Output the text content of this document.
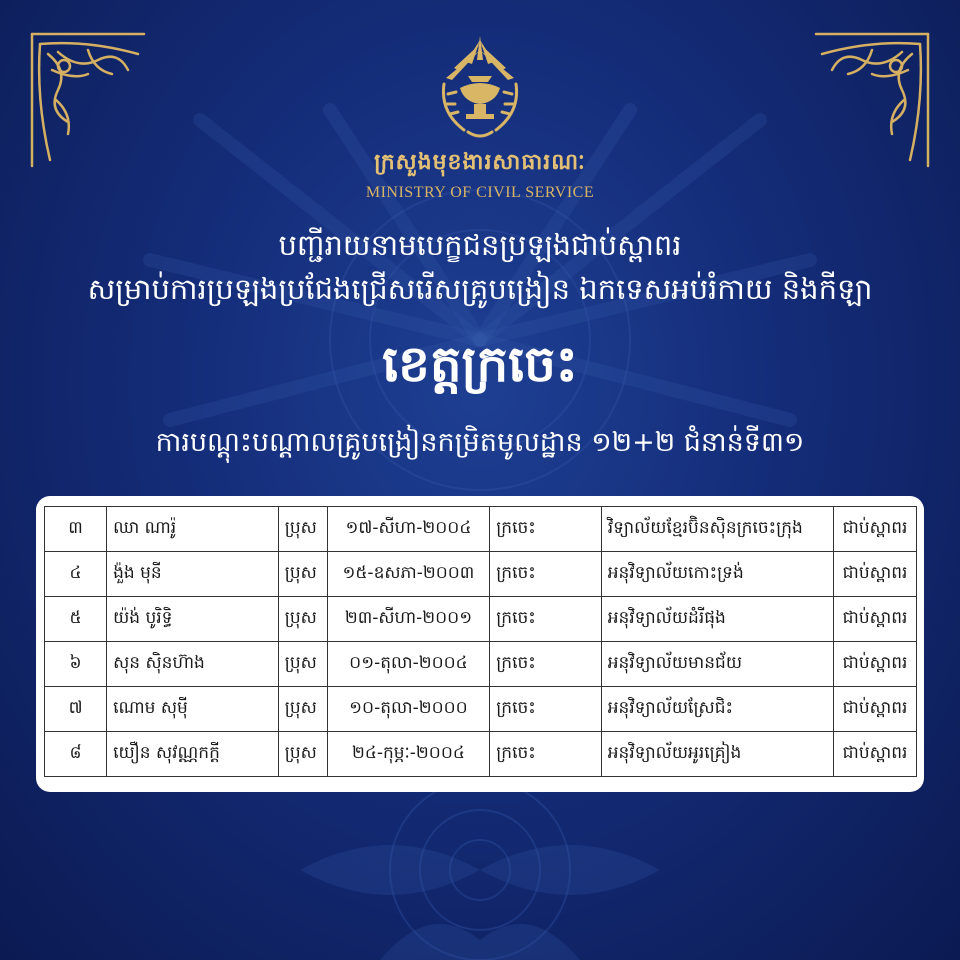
ក្រសួងមុខងារសាធារណៈ
MINISTRY OF CIVIL SERVICE
បញ្ជីរាយនាមបេក្ខជនប្រឡងជាប់ស្ពាពរ
សម្រាប់ការប្រឡងប្រជែងជ្រើសរើសគ្រូបង្រៀន ឯកទេសអប់រំកាយ និងកីឡា
ខេត្តក្រចេះ
ការបណ្ដុះបណ្ដាលគ្រូបង្រៀនកម្រិតមូលដ្ឋាន ១២+២ ជំនាន់ទី៣១
៣	ឈា ណារ៉ូ	ប្រុស	១៧-សីហា-២០០៤	ក្រចេះ	វិទ្យាល័យខ្មែរប៊ិនស៊ិនក្រចេះក្រុង	ជាប់ស្ពាពរ
៤	ង៉ួង មុនី	ប្រុស	១៥-ឧសភា-២០០៣	ក្រចេះ	អនុវិទ្យាល័យកោះទ្រង់	ជាប់ស្ពាពរ
៥	យ៉ង់ បូរិទ្ធិ	ប្រុស	២៣-សីហា-២០០១	ក្រចេះ	អនុវិទ្យាល័យដំរីផុង	ជាប់ស្ពាពរ
៦	សុន ស៊ិនហ៊ាង	ប្រុស	០១-តុលា-២០០៤	ក្រចេះ	អនុវិទ្យាល័យមានជ័យ	ជាប់ស្ពាពរ
៧	ណោម សុម៉ី	ប្រុស	១០-តុលា-២០០០	ក្រចេះ	អនុវិទ្យាល័យស្រែជិះ	ជាប់ស្ពាពរ
៨	យឿន សុវណ្ណកក្តី	ប្រុស	២៤-កុម្ភៈ-២០០៤	ក្រចេះ	អនុវិទ្យាល័យអូរគ្រៀង	ជាប់ស្ពាពរ
